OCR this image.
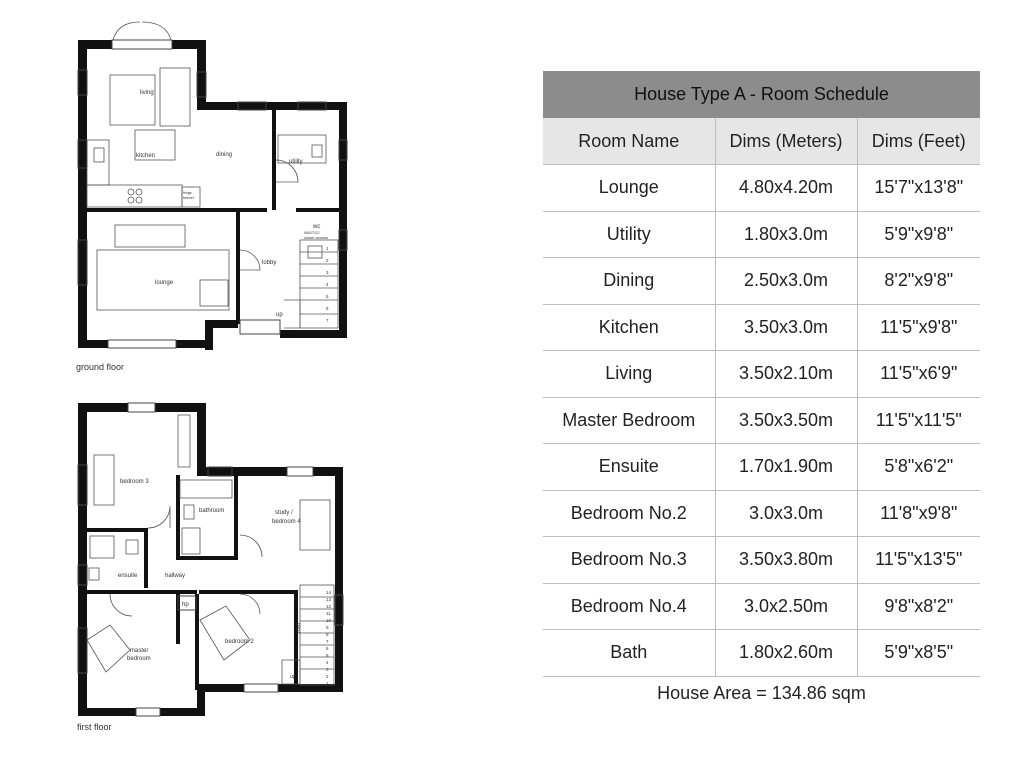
living
kitchen	dining
utility
lounge
lobby
wc
06/07/22
closet access
up
fridge
freezer
1
2
3
4
5
6
7
ground floor
bedroom 3
bathroom	study /
bedroom 4
ensuite	hallway
hp
master
bedroom
bedroom 2
void
up
14
13
12
11
10
9
8
7
6
5
4
3
2
1
first floor
House Type A - Room Schedule		
Room Name	Dims (Meters)	Dims (Feet)
Lounge	4.80x4.20m	15'7"x13'8"
Utility	1.80x3.0m	5'9"x9'8"
Dining	2.50x3.0m	8'2"x9'8"
Kitchen	3.50x3.0m	11'5"x9'8"
Living	3.50x2.10m	11'5"x6'9"
Master Bedroom	3.50x3.50m	11'5"x11'5"
Ensuite	1.70x1.90m	5'8"x6'2"
Bedroom No.2	3.0x3.0m	11'8"x9'8"
Bedroom No.3	3.50x3.80m	11'5"x13'5"
Bedroom No.4	3.0x2.50m	9'8"x8'2"
Bath	1.80x2.60m	5'9"x8'5"
House Area = 134.86 sqm
